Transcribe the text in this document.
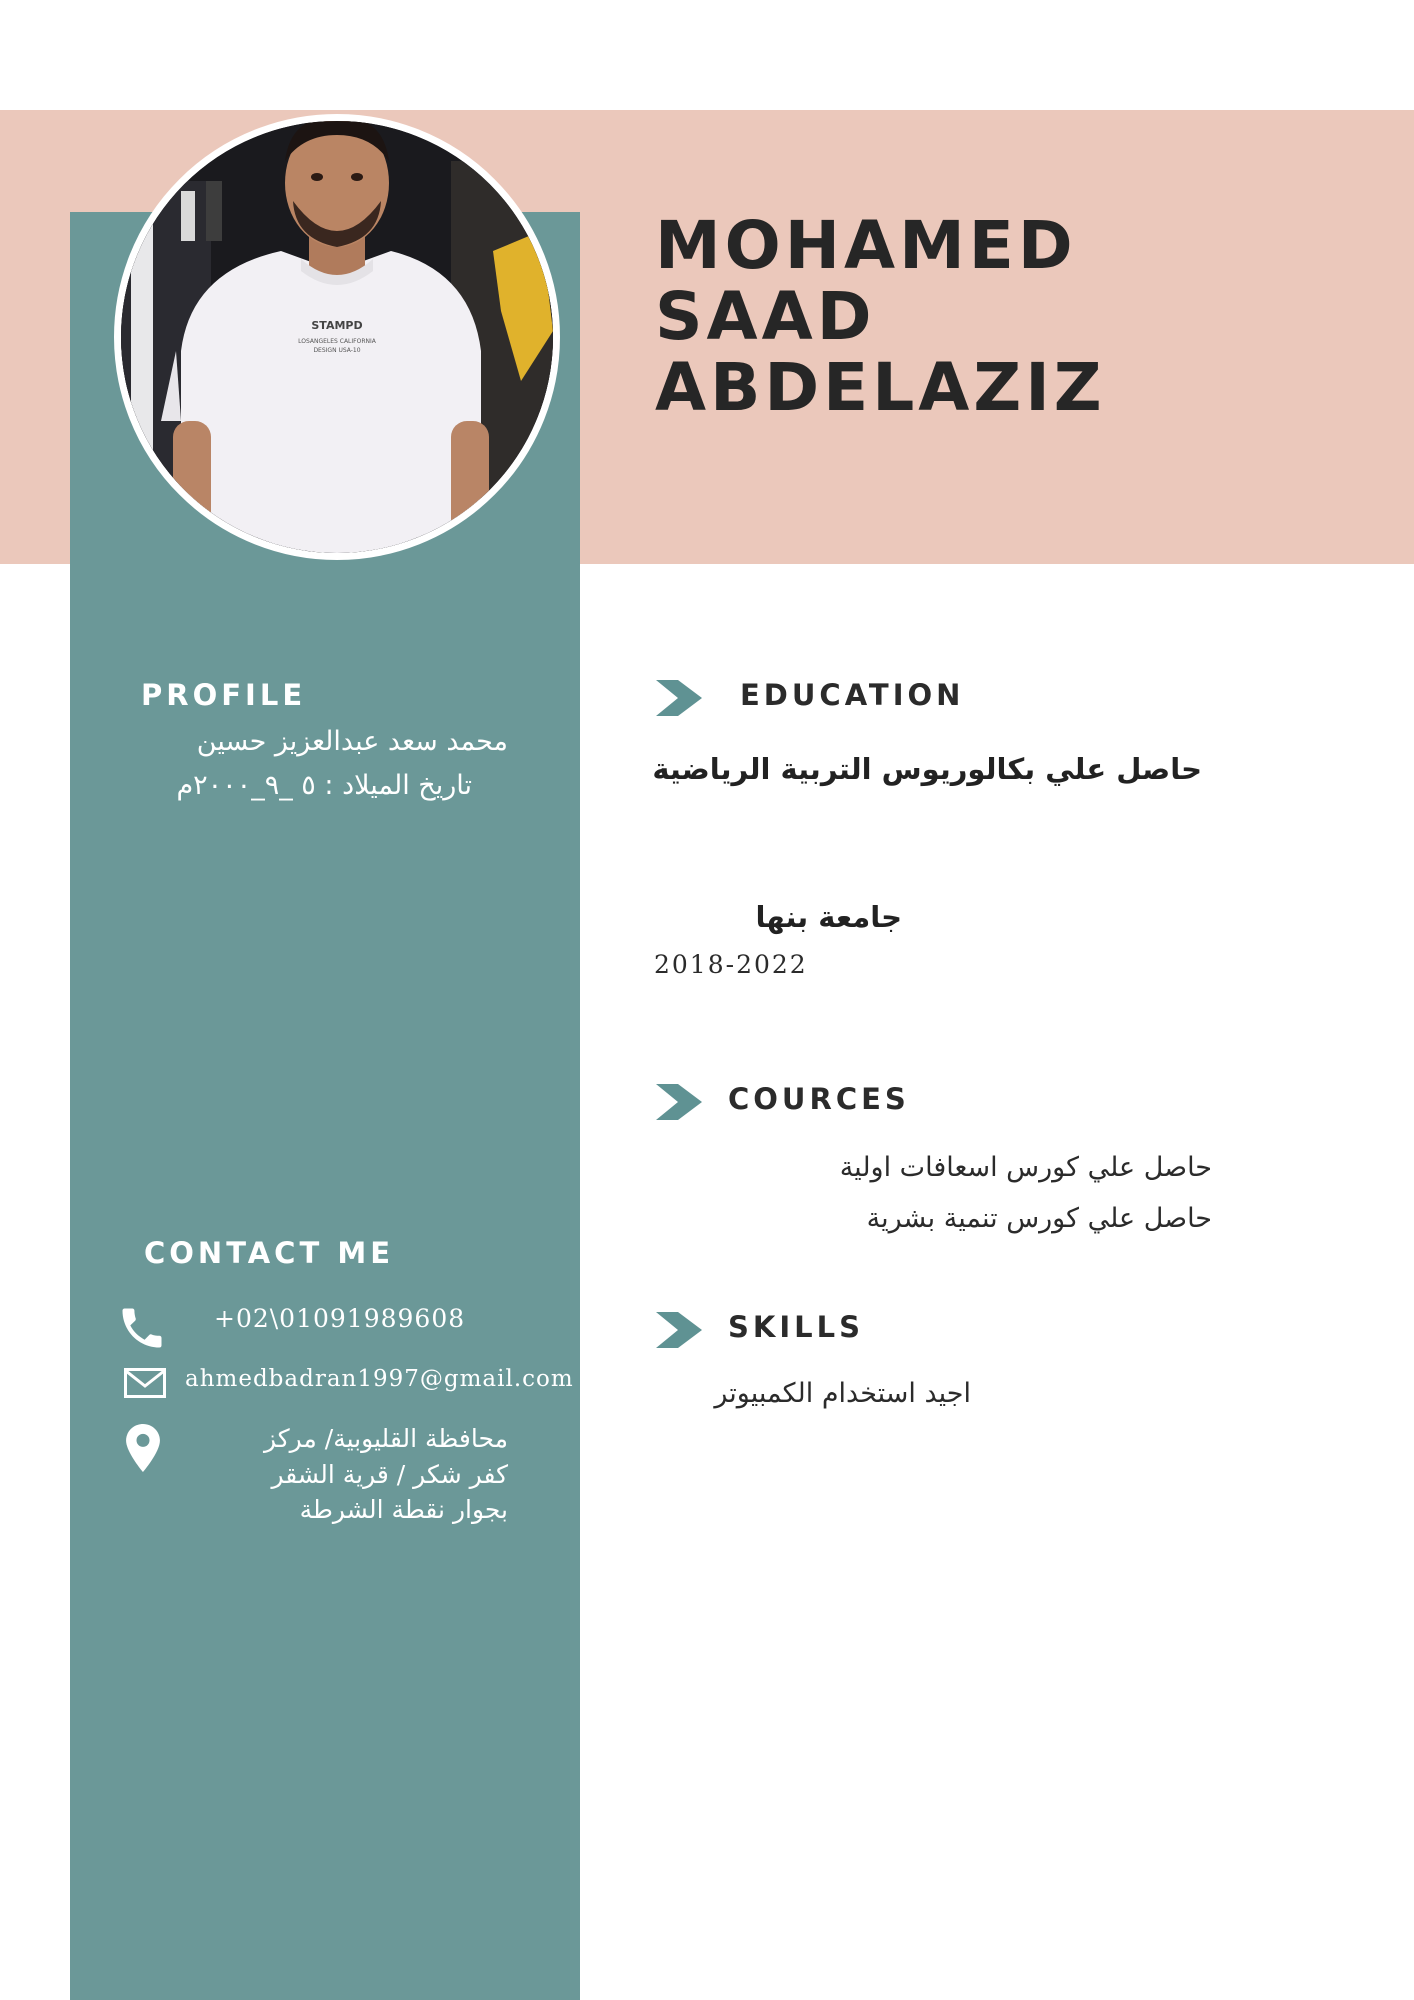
STAMPD
LOSANGELES CALIFORNIA
DESIGN USA-10
MOHAMED
SAAD
ABDELAZIZ
PROFILE

محمد سعد عبدالعزيز حسين

تاريخ الميلاد : ٥ _٩_٢٠٠٠م

CONTACT ME

+02\01091989608

ahmedbadran1997@gmail.com

محافظة القليوبية/ مركز

كفر شكر / قرية الشقر

بجوار نقطة الشرطة

EDUCATION

حاصل علي بكالوريوس التربية الرياضية

جامعة بنها

2018-2022

COURCES

حاصل علي كورس اسعافات اولية

حاصل علي كورس تنمية بشرية

SKILLS

اجيد استخدام الكمبيوتر
